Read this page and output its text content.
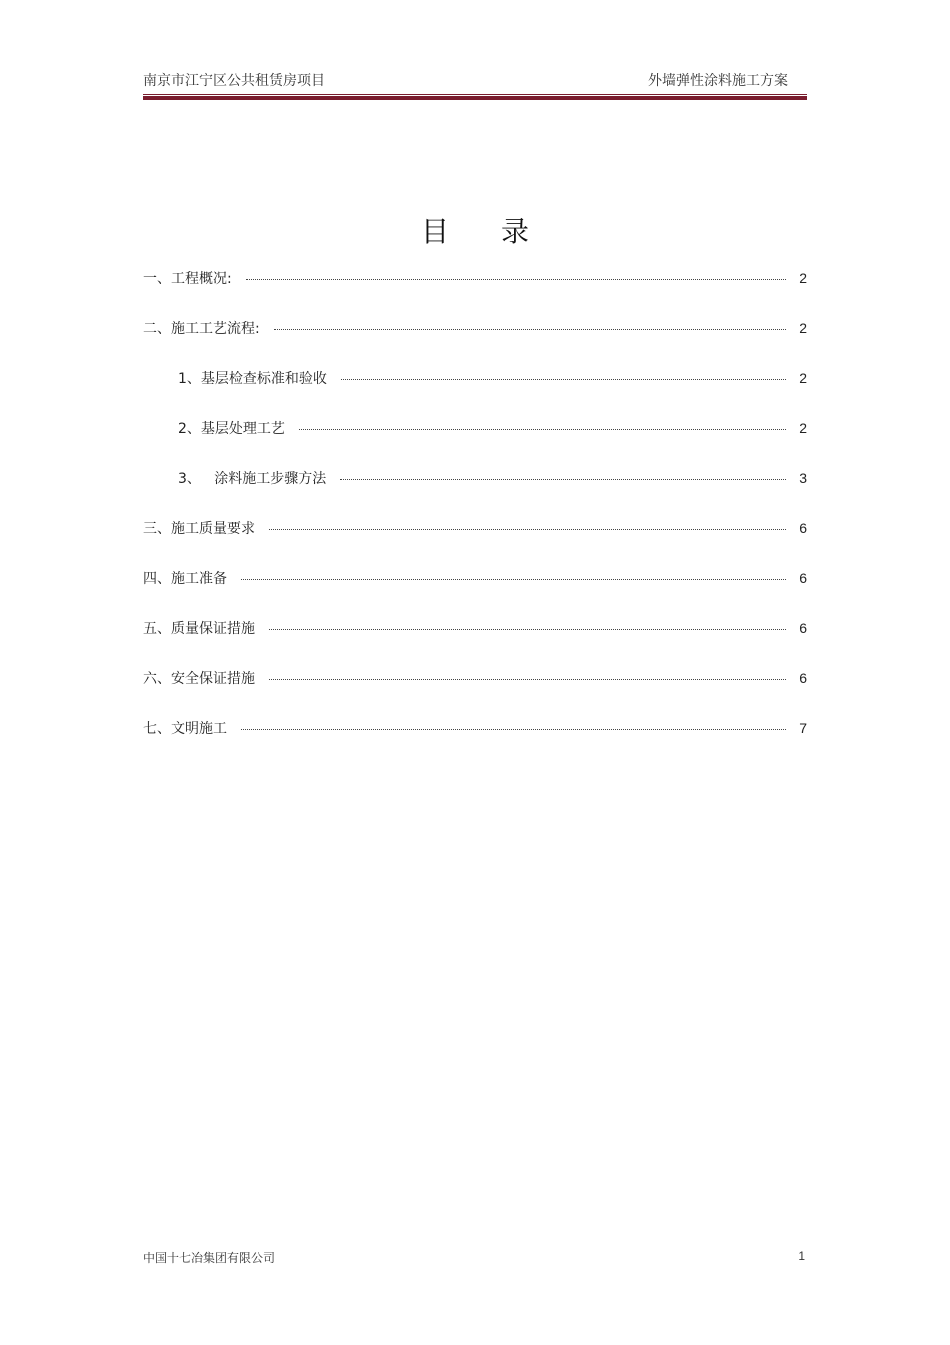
南京市江宁区公共租赁房项目	外墙弹性涂料施工方案
目录
一、工程概况:	2
二、施工工艺流程:	2
1、基层检查标准和验收	2
2、基层处理工艺	2
3、   涂料施工步骤方法	3
三、施工质量要求	6
四、施工准备	6
五、质量保证措施	6
六、安全保证措施	6
七、文明施工	7
中国十七冶集团有限公司	1
